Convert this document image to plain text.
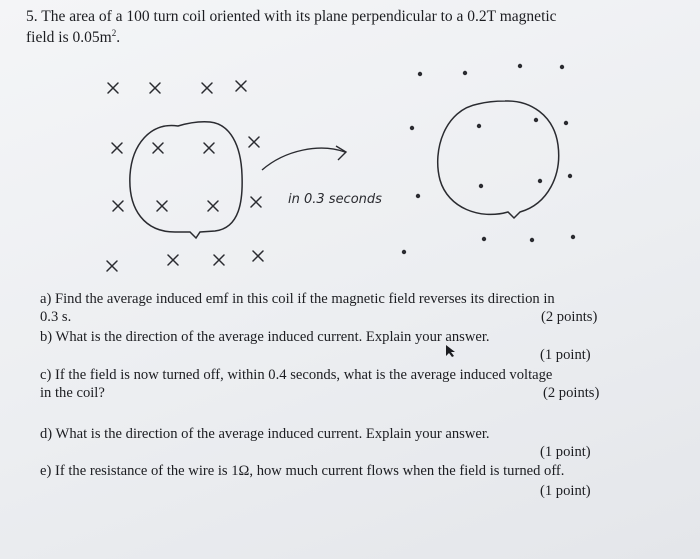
5. The area of a 100 turn coil oriented with its plane perpendicular to a 0.2T magnetic
field is $0.05m^2$.
in 0.3 seconds
a) Find the average induced emf in this coil if the magnetic field reverses its direction in
0.3 s.	(2 points)
b) What is the direction of the average induced current. Explain your answer.
(1 point)
c) If the field is now turned off, within 0.4 seconds, what is the average induced voltage
in the coil?	(2 points)
d) What is the direction of the average induced current. Explain your answer.
(1 point)
e) If the resistance of the wire is 1Ω, how much current flows when the field is turned off.
(1 point)
